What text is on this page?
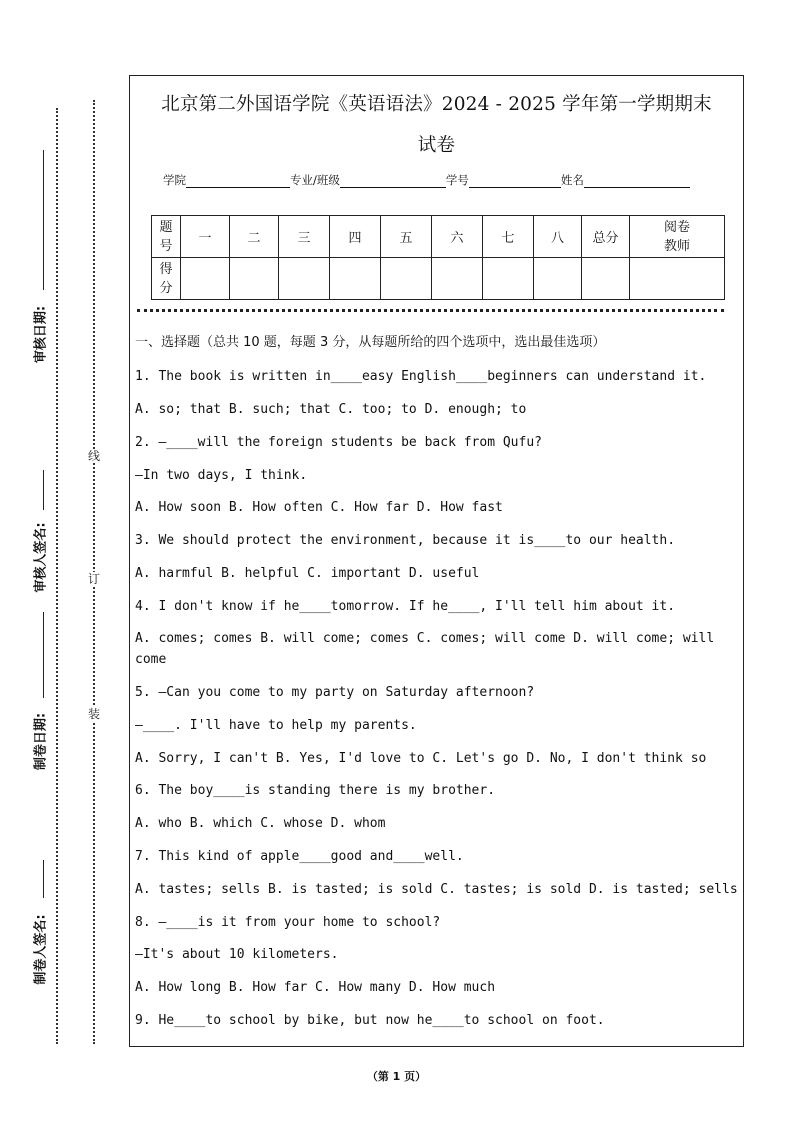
审核日期:
审核人签名:
制卷日期:
制卷人签名:
线
订
装
北京第二外国语学院《英语语法》2024 - 2025 学年第一学期期末
试卷
学院	专业/班级	学号	姓名
题号	一	二	三	四	五	六	七	八	总分	阅卷教师
得分										
一、选择题（总共 10 题，每题 3 分，从每题所给的四个选项中，选出最佳选项）
1. The book is written in____easy English____beginners can understand it.
A. so; that B. such; that C. too; to D. enough; to
2. —____will the foreign students be back from Qufu?
—In two days, I think.
A. How soon B. How often C. How far D. How fast
3. We should protect the environment, because it is____to our health.
A. harmful B. helpful C. important D. useful
4. I don't know if he____tomorrow. If he____, I'll tell him about it.
A. comes; comes B. will come; comes C. comes; will come D. will come; will come
5. —Can you come to my party on Saturday afternoon?
—____. I'll have to help my parents.
A. Sorry, I can't B. Yes, I'd love to C. Let's go D. No, I don't think so
6. The boy____is standing there is my brother.
A. who B. which C. whose D. whom
7. This kind of apple____good and____well.
A. tastes; sells B. is tasted; is sold C. tastes; is sold D. is tasted; sells
8. —____is it from your home to school?
—It's about 10 kilometers.
A. How long B. How far C. How many D. How much
9. He____to school by bike, but now he____to school on foot.
（第 1 页）
